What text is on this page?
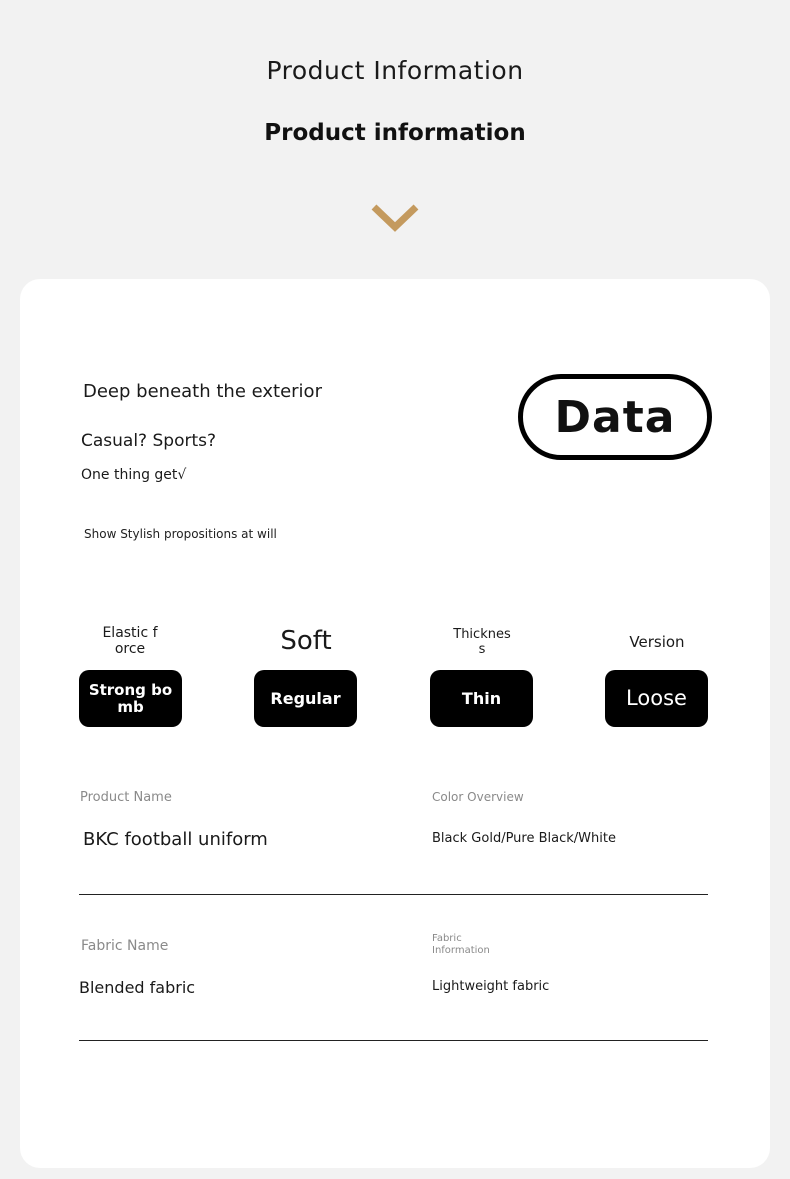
Product Information
Product information
Deep beneath the exterior
Casual? Sports?
One thing get√
Show Stylish propositions at will
Data
Elastic force
Strong bomb
Soft
Regular
Thickness
Thin
Version
Loose
Product Name
BKC football uniform
Color Overview
Black Gold/Pure Black/White
Fabric Name
Blended fabric
Fabric Information
Lightweight fabric
